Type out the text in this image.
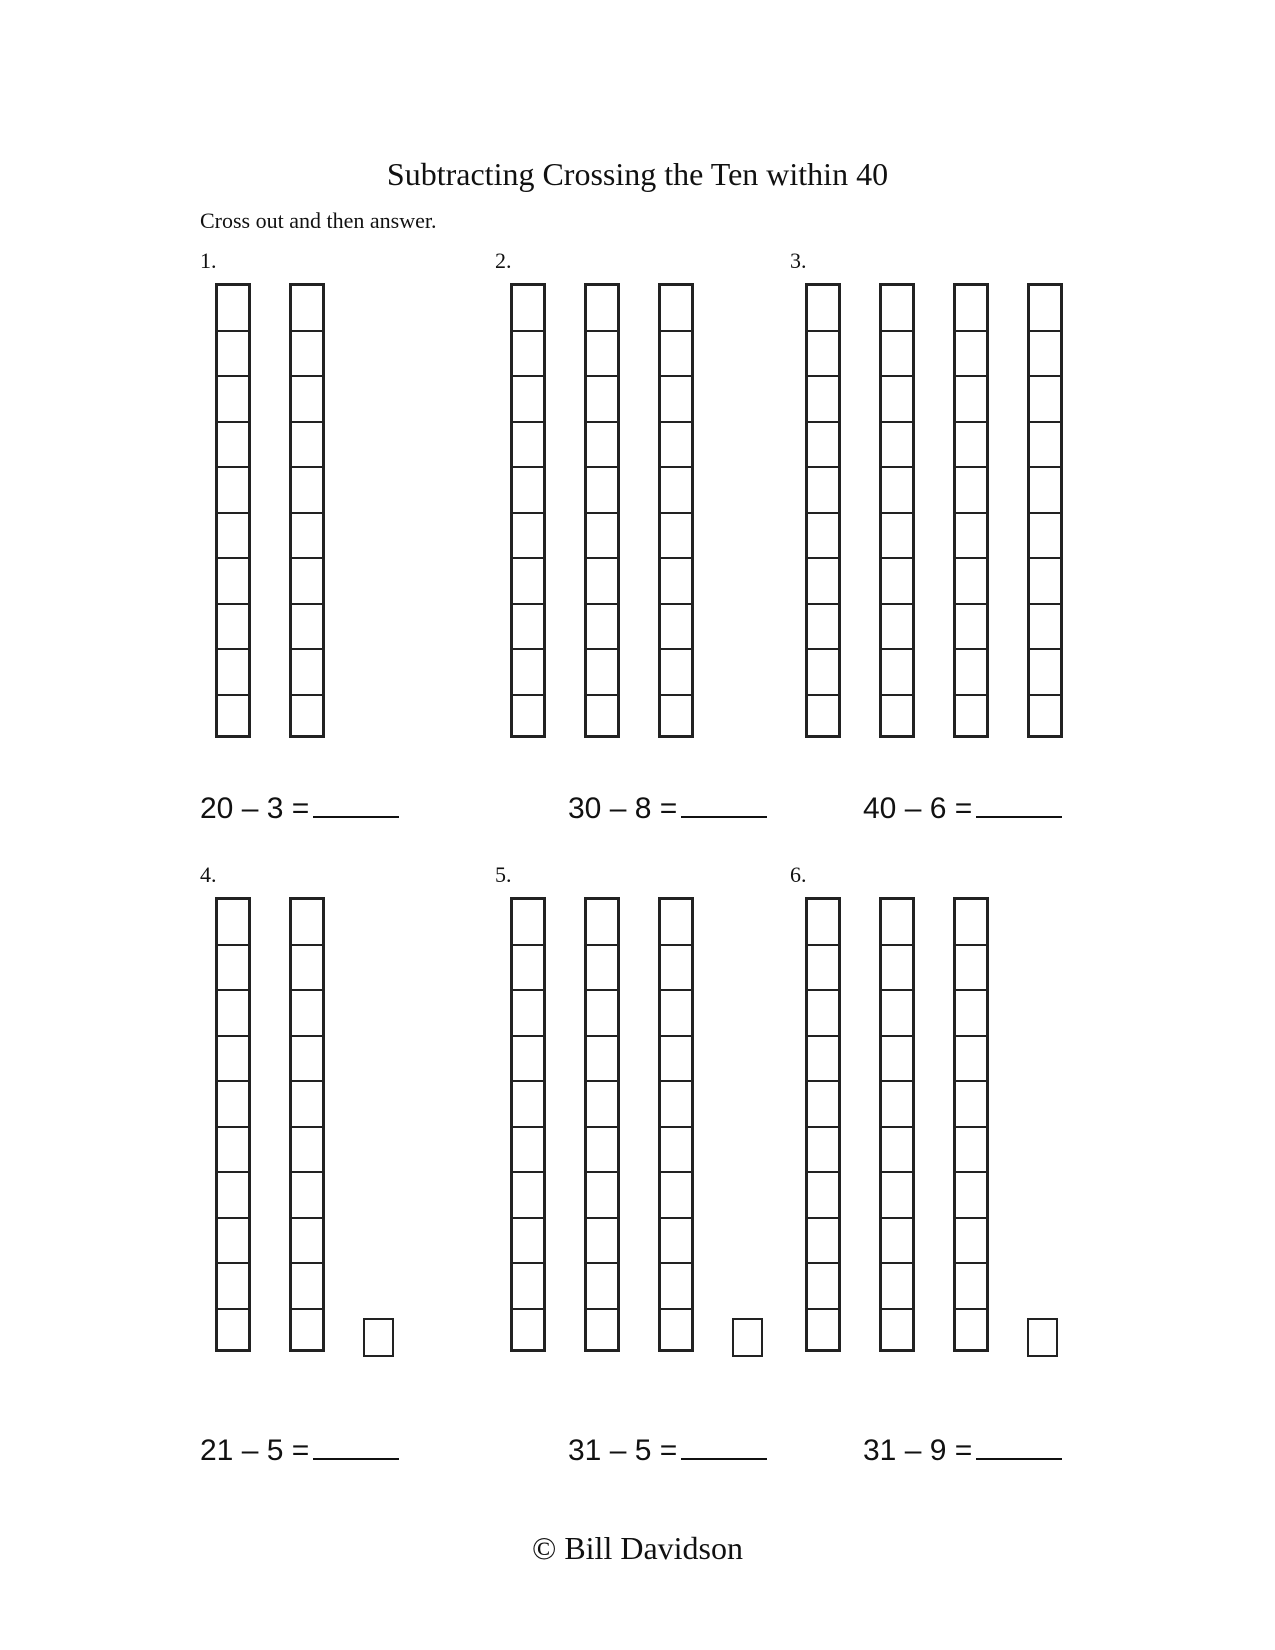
Subtracting Crossing the Ten within 40
Cross out and then answer.
1.
20 – 3 =
2.
30 – 8 =
3.
40 – 6 =
4.
21 – 5 =
5.
31 – 5 =
6.
31 – 9 =
© Bill Davidson
